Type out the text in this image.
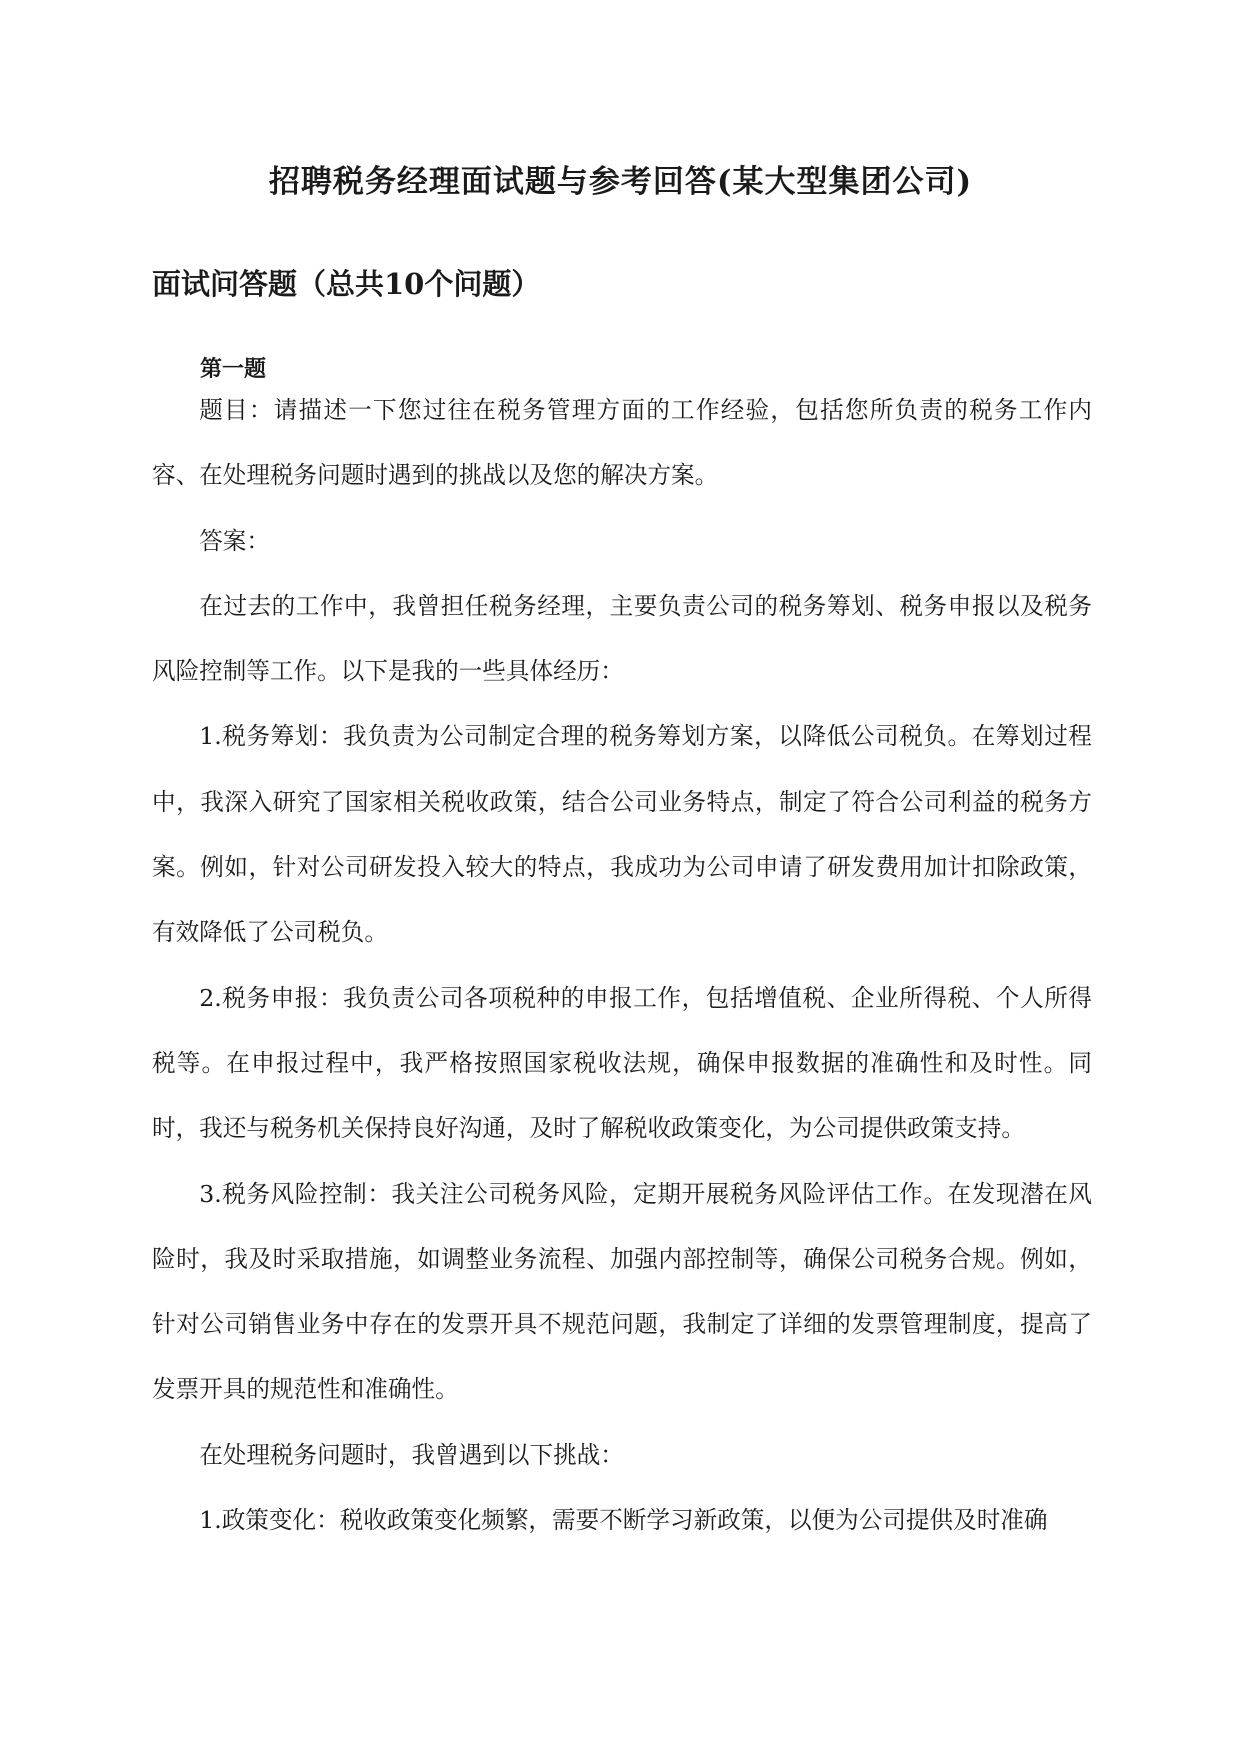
招聘税务经理面试题与参考回答(某大型集团公司)
面试问答题（总共10个问题）
第一题

题目：请描述一下您过往在税务管理方面的工作经验，包括您所负责的税务工作内容、在处理税务问题时遇到的挑战以及您的解决方案。

答案：

在过去的工作中，我曾担任税务经理，主要负责公司的税务筹划、税务申报以及税务风险控制等工作。以下是我的一些具体经历：

1.税务筹划：我负责为公司制定合理的税务筹划方案，以降低公司税负。在筹划过程中，我深入研究了国家相关税收政策，结合公司业务特点，制定了符合公司利益的税务方案。例如，针对公司研发投入较大的特点，我成功为公司申请了研发费用加计扣除政策，有效降低了公司税负。

2.税务申报：我负责公司各项税种的申报工作，包括增值税、企业所得税、个人所得税等。在申报过程中，我严格按照国家税收法规，确保申报数据的准确性和及时性。同时，我还与税务机关保持良好沟通，及时了解税收政策变化，为公司提供政策支持。

3.税务风险控制：我关注公司税务风险，定期开展税务风险评估工作。在发现潜在风险时，我及时采取措施，如调整业务流程、加强内部控制等，确保公司税务合规。例如，针对公司销售业务中存在的发票开具不规范问题，我制定了详细的发票管理制度，提高了发票开具的规范性和准确性。

在处理税务问题时，我曾遇到以下挑战：

1.政策变化：税收政策变化频繁，需要不断学习新政策，以便为公司提供及时准确
